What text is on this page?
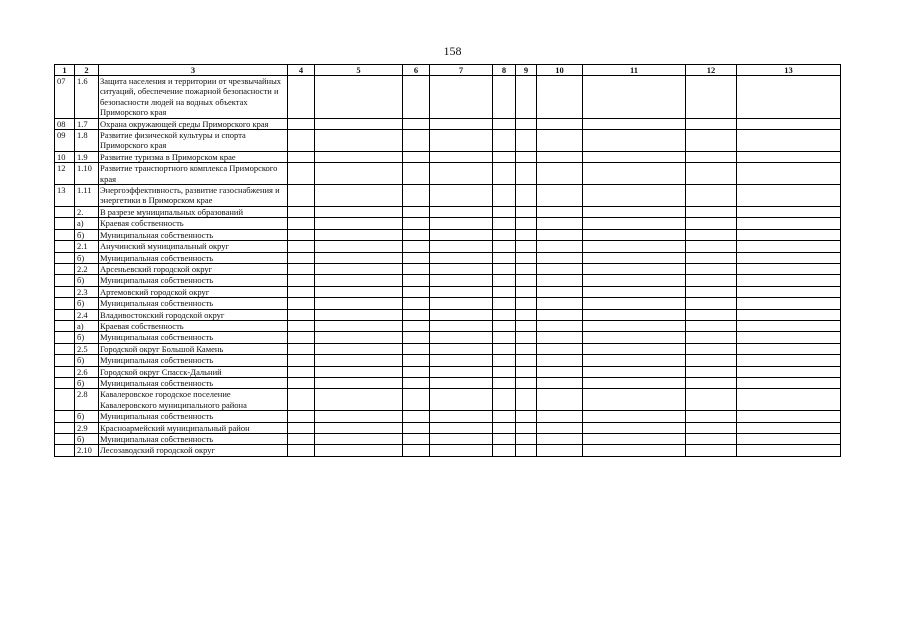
158
1	2	3	4	5	6	7	8	9	10	11	12	13
07	1.6	Защита населения и территории от чрезвычайных ситуаций, обеспечение пожарной безопасности и безопасности людей на водных объектах Приморского края										
08	1.7	Охрана окружающей среды Приморского края										
09	1.8	Развитие физической культуры и спорта Приморского края										
10	1.9	Развитие туризма в Приморском крае										
12	1.10	Развитие транспортного комплекса Приморского края										
13	1.11	Энергоэффективность, развитие газоснабжения и энергетики в Приморском крае										
	2.	В разрезе муниципальных образований										
	а)	Краевая собственность										
	б)	Муниципальная собственность										
	2.1	Анучинский муниципальный округ										
	б)	Муниципальная собственность										
	2.2	Арсеньевский городской округ										
	б)	Муниципальная собственность										
	2.3	Артемовский городской округ										
	б)	Муниципальная собственность										
	2.4	Владивостокский городской округ										
	а)	Краевая собственность										
	б)	Муниципальная собственность										
	2.5	Городской округ Большой Камень										
	б)	Муниципальная собственность										
	2.6	Городской округ Спасск-Дальний										
	б)	Муниципальная собственность										
	2.8	Кавалеровское городское поселение Кавалеровского муниципального района										
	б)	Муниципальная собственность										
	2.9	Красноармейский муниципальный район										
	б)	Муниципальная собственность										
	2.10	Лесозаводский городской округ										
